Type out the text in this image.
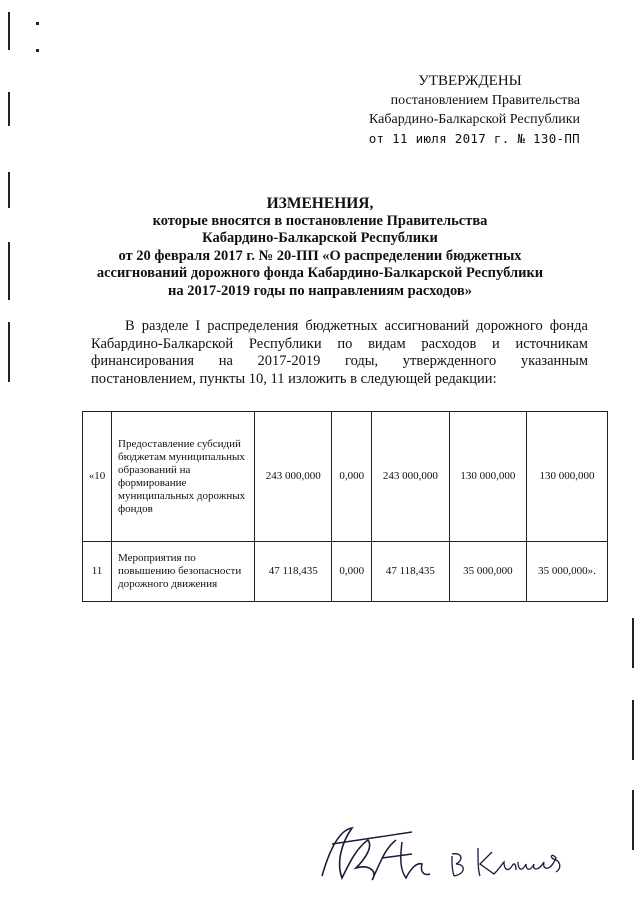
УТВЕРЖДЕНЫ
постановлением Правительства
Кабардино-Балкарской Республики
от 11 июля 2017 г. № 130-ПП
ИЗМЕНЕНИЯ,
которые вносятся в постановление Правительства
Кабардино-Балкарской Республики
от 20 февраля 2017 г. № 20-ПП «О распределении бюджетных
ассигнований дорожного фонда Кабардино-Балкарской Республики
на 2017-2019 годы по направлениям расходов»
В разделе I распределения бюджетных ассигнований дорожного фонда Кабардино-Балкарской Республики по видам расходов и источникам финансирования на 2017-2019 годы, утвержденного указанным постановлением, пункты 10, 11 изложить в следующей редакции:
«10	Предоставление субсидий бюджетам муниципальных образований на формирование муниципальных дорожных фондов	243 000,000	0,000	243 000,000	130 000,000	130 000,000
11	Мероприятия по повышению безопасности дорожного движения	47 118,435	0,000	47 118,435	35 000,000	35 000,000».
В Кушнеев
